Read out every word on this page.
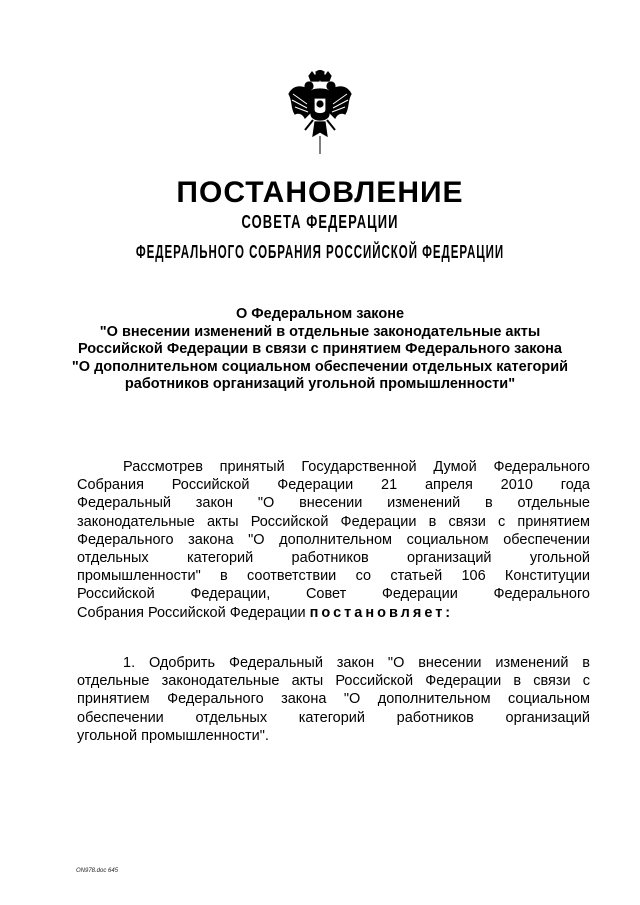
ПОСТАНОВЛЕНИЕ
СОВЕТА ФЕДЕРАЦИИ
ФЕДЕРАЛЬНОГО СОБРАНИЯ РОССИЙСКОЙ ФЕДЕРАЦИИ
О Федеральном законе
"О внесении изменений в отдельные законодательные акты
Российской Федерации в связи с принятием Федерального закона
"О дополнительном социальном обеспечении отдельных категорий
работников организаций угольной промышленности"
Рассмотрев принятый Государственной Думой Федерального
Собрания Российской Федерации 21 апреля 2010 года
Федеральный закон "О внесении изменений в отдельные
законодательные акты Российской Федерации в связи с принятием
Федерального закона "О дополнительном социальном обеспечении
отдельных категорий работников организаций угольной
промышленности" в соответствии со статьей 106 Конституции
Российской Федерации, Совет Федерации Федерального
Собрания Российской Федерации постановляет:
1. Одобрить Федеральный закон "О внесении изменений в
отдельные законодательные акты Российской Федерации в связи с
принятием Федерального закона "О дополнительном социальном
обеспечении отдельных категорий работников организаций
угольной промышленности".
ON978.doc 645
